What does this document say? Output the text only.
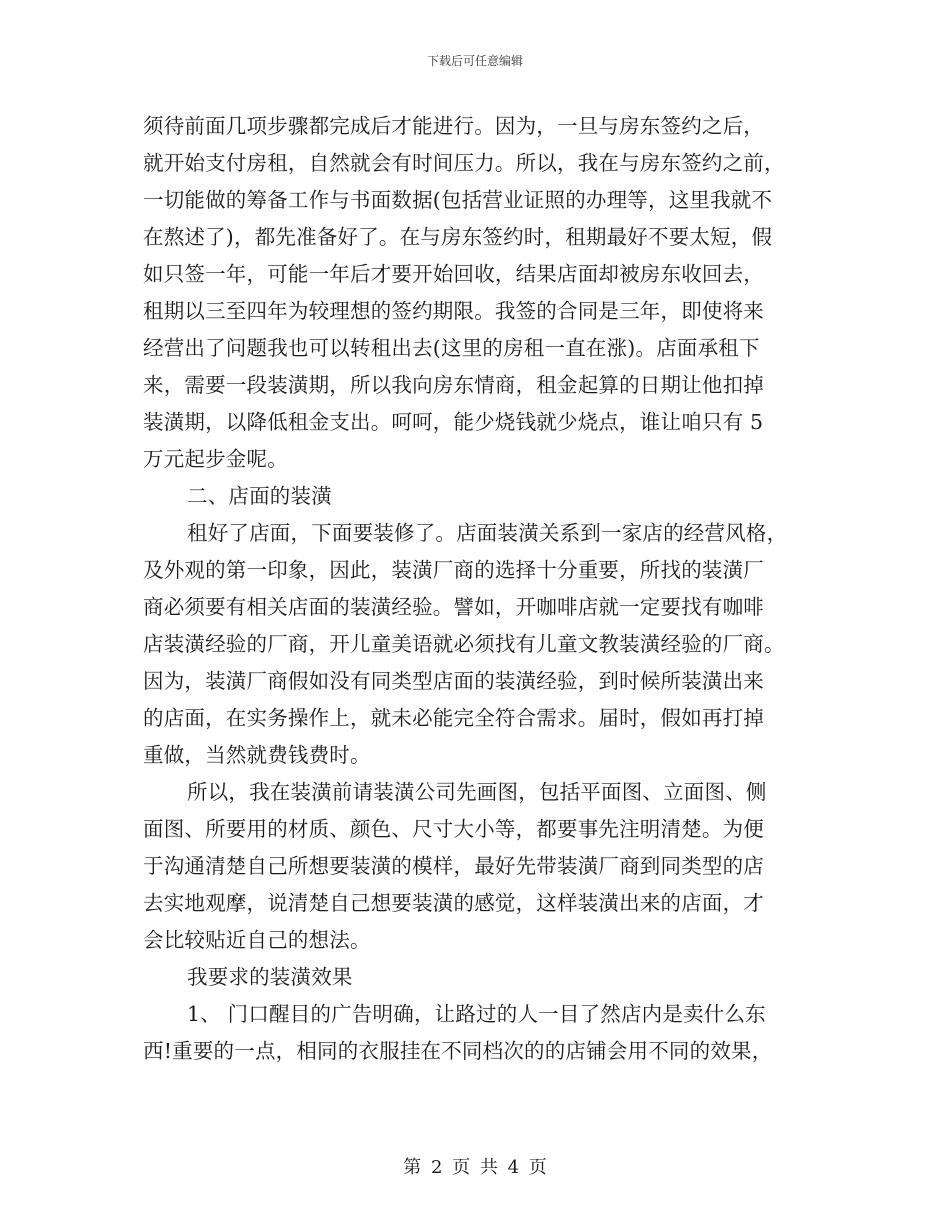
下载后可任意编辑
须待前面几项步骤都完成后才能进行。因为，一旦与房东签约之后，
就开始支付房租，自然就会有时间压力。所以，我在与房东签约之前，
一切能做的筹备工作与书面数据(包括营业证照的办理等，这里我就不
在熬述了)，都先准备好了。在与房东签约时，租期最好不要太短，假
如只签一年，可能一年后才要开始回收，结果店面却被房东收回去，
租期以三至四年为较理想的签约期限。我签的合同是三年，即使将来
经营出了问题我也可以转租出去(这里的房租一直在涨)。店面承租下
来，需要一段装潢期，所以我向房东情商，租金起算的日期让他扣掉
装潢期，以降低租金支出。呵呵，能少烧钱就少烧点，谁让咱只有 5
万元起步金呢。
二、店面的装潢
租好了店面，下面要装修了。店面装潢关系到一家店的经营风格，
及外观的第一印象，因此，装潢厂商的选择十分重要，所找的装潢厂
商必须要有相关店面的装潢经验。譬如，开咖啡店就一定要找有咖啡
店装潢经验的厂商，开儿童美语就必须找有儿童文教装潢经验的厂商。
因为，装潢厂商假如没有同类型店面的装潢经验，到时候所装潢出来
的店面，在实务操作上，就未必能完全符合需求。届时，假如再打掉
重做，当然就费钱费时。
所以，我在装潢前请装潢公司先画图，包括平面图、立面图、侧
面图、所要用的材质、颜色、尺寸大小等，都要事先注明清楚。为便
于沟通清楚自己所想要装潢的模样，最好先带装潢厂商到同类型的店
去实地观摩，说清楚自己想要装潢的感觉，这样装潢出来的店面，才
会比较贴近自己的想法。
我要求的装潢效果
1、 门口醒目的广告明确，让路过的人一目了然店内是卖什么东
西!重要的一点，相同的衣服挂在不同档次的的店铺会用不同的效果，
第 2 页 共 4 页
